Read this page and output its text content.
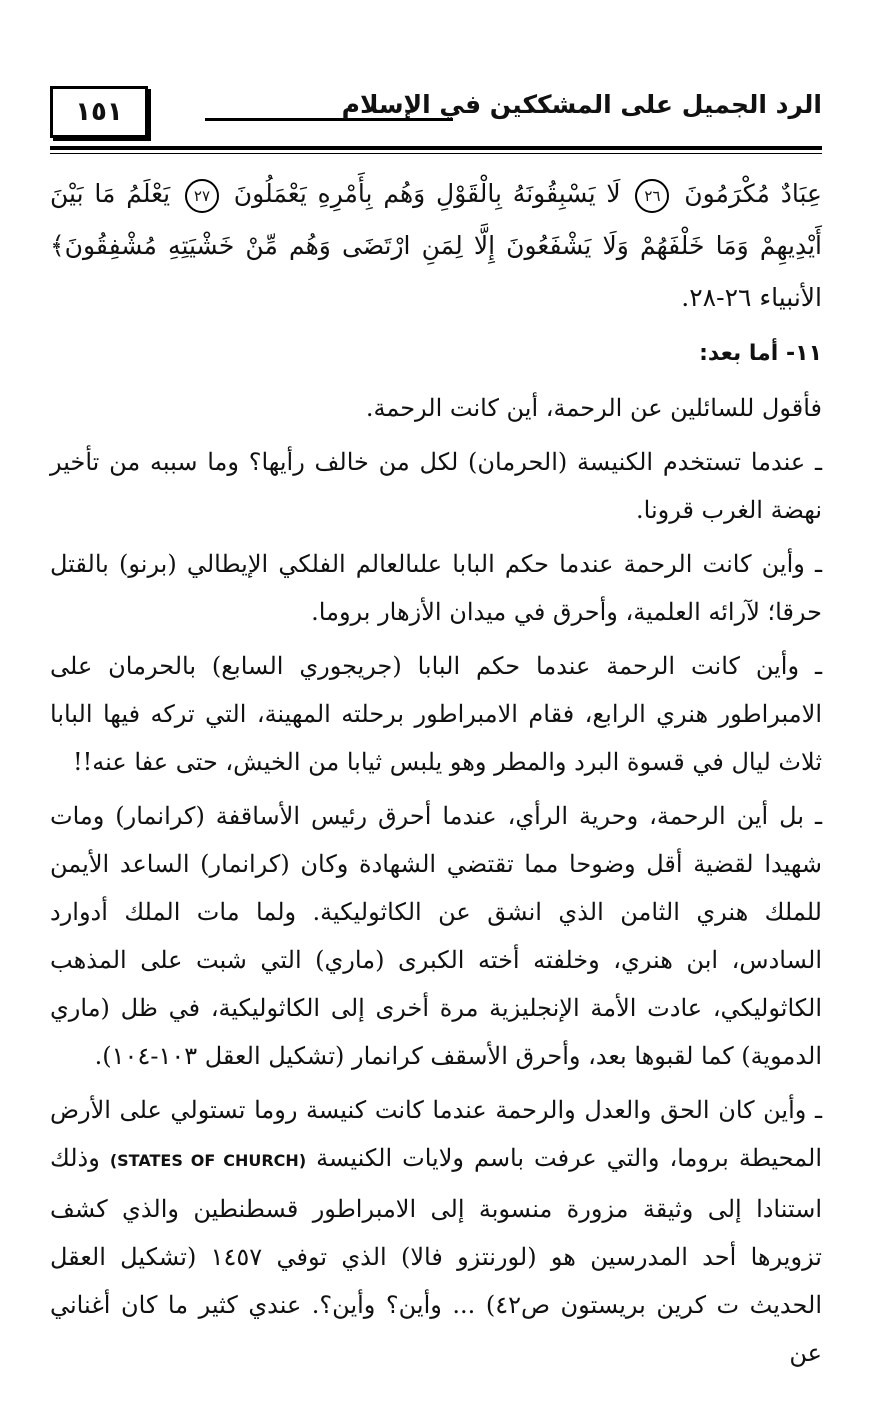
١٥١	الرد الجميل على المشككين في الإسلام

عِبَادٌ مُكْرَمُونَ ٢٦ لَا يَسْبِقُونَهُ بِالْقَوْلِ وَهُم بِأَمْرِهِ يَعْمَلُونَ ٢٧ يَعْلَمُ مَا بَيْنَ أَيْدِيهِمْ وَمَا خَلْفَهُمْ وَلَا يَشْفَعُونَ إِلَّا لِمَنِ ارْتَضَى وَهُم مِّنْ خَشْيَتِهِ مُشْفِقُونَ﴾ الأنبياء ٢٦-٢٨.

١١- أما بعد:

فأقول للسائلين عن الرحمة، أين كانت الرحمة.

ـ عندما تستخدم الكنيسة (الحرمان) لكل من خالف رأيها؟ وما سببه من تأخير نهضة الغرب قرونا.

ـ وأين كانت الرحمة عندما حكم البابا علىالعالم الفلكي الإيطالي (برنو) بالقتل حرقا؛ لآرائه العلمية، وأحرق في ميدان الأزهار بروما.

ـ وأين كانت الرحمة عندما حكم البابا (جريجوري السابع) بالحرمان على الامبراطور هنري الرابع، فقام الامبراطور برحلته المهينة، التي تركه فيها البابا ثلاث ليال في قسوة البرد والمطر وهو يلبس ثيابا من الخيش، حتى عفا عنه!!

ـ بل أين الرحمة، وحرية الرأي، عندما أحرق رئيس الأساقفة (كرانمار) ومات شهيدا لقضية أقل وضوحا مما تقتضي الشهادة وكان (كرانمار) الساعد الأيمن للملك هنري الثامن الذي انشق عن الكاثوليكية. ولما مات الملك أدوارد السادس، ابن هنري، وخلفته أخته الكبرى (ماري) التي شبت على المذهب الكاثوليكي، عادت الأمة الإنجليزية مرة أخرى إلى الكاثوليكية، في ظل (ماري الدموية) كما لقبوها بعد، وأحرق الأسقف كرانمار (تشكيل العقل ١٠٣-١٠٤).

ـ وأين كان الحق والعدل والرحمة عندما كانت كنيسة روما تستولي على الأرض المحيطة بروما، والتي عرفت باسم ولايات الكنيسة (STATES OF CHURCH) وذلك استنادا إلى وثيقة مزورة منسوبة إلى الامبراطور قسطنطين والذي كشف تزويرها أحد المدرسين هو (لورنتزو فالا) الذي توفي ١٤٥٧ (تشكيل العقل الحديث ت كرين بريستون ص٤٢) ... وأين؟ وأين؟. عندي كثير ما كان أغناني عن
